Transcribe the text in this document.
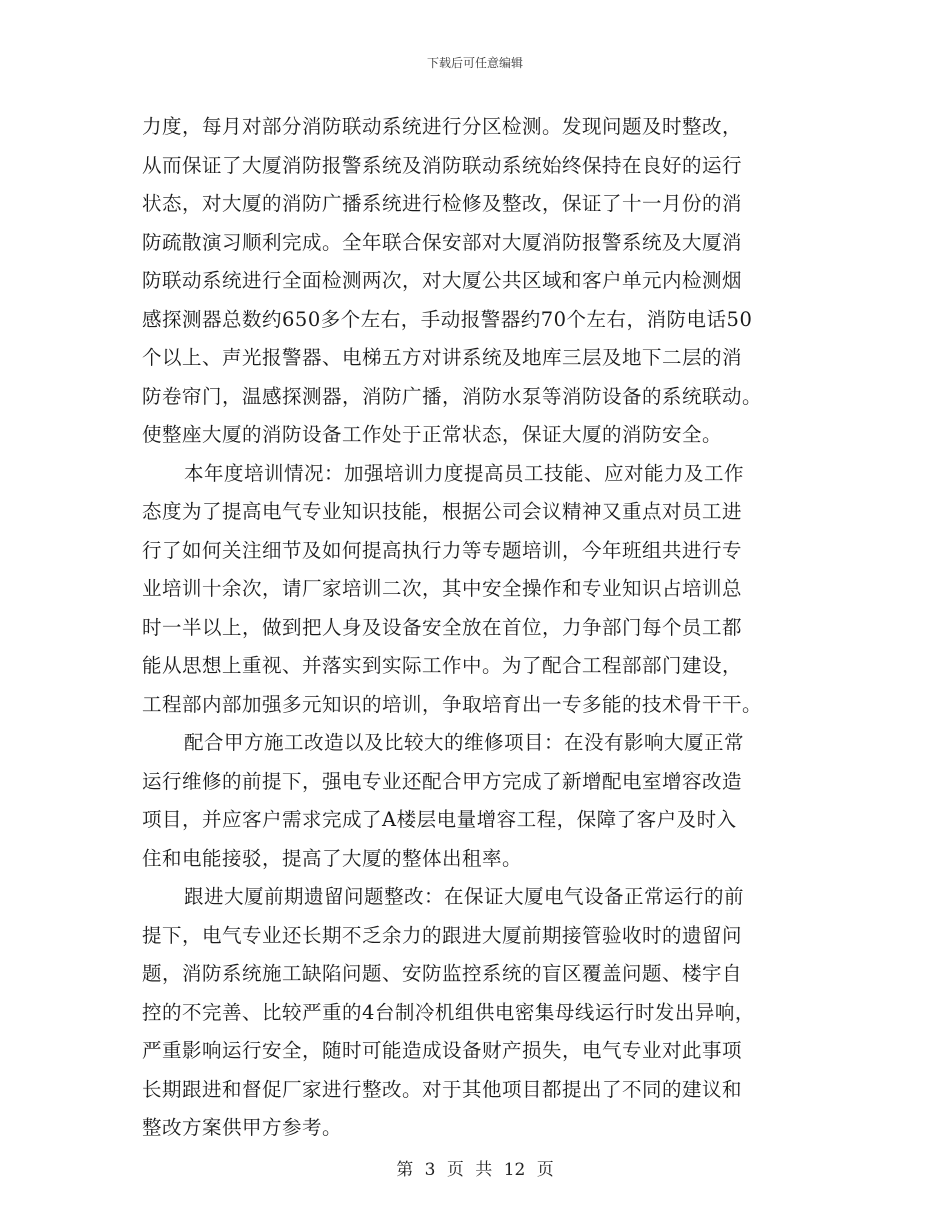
下载后可任意编辑
力度，每月对部分消防联动系统进行分区检测。发现问题及时整改，
从而保证了大厦消防报警系统及消防联动系统始终保持在良好的运行
状态，对大厦的消防广播系统进行检修及整改，保证了十一月份的消
防疏散演习顺利完成。全年联合保安部对大厦消防报警系统及大厦消
防联动系统进行全面检测两次，对大厦公共区域和客户单元内检测烟
感探测器总数约650多个左右，手动报警器约70个左右，消防电话50
个以上、声光报警器、电梯五方对讲系统及地库三层及地下二层的消
防卷帘门，温感探测器，消防广播，消防水泵等消防设备的系统联动。
使整座大厦的消防设备工作处于正常状态，保证大厦的消防安全。
本年度培训情况：加强培训力度提高员工技能、应对能力及工作
态度为了提高电气专业知识技能，根据公司会议精神又重点对员工进
行了如何关注细节及如何提高执行力等专题培训，今年班组共进行专
业培训十余次，请厂家培训二次，其中安全操作和专业知识占培训总
时一半以上，做到把人身及设备安全放在首位，力争部门每个员工都
能从思想上重视、并落实到实际工作中。为了配合工程部部门建设，
工程部内部加强多元知识的培训，争取培育出一专多能的技术骨干干。
配合甲方施工改造以及比较大的维修项目：在没有影响大厦正常
运行维修的前提下，强电专业还配合甲方完成了新增配电室增容改造
项目，并应客户需求完成了A楼层电量增容工程，保障了客户及时入
住和电能接驳，提高了大厦的整体出租率。
跟进大厦前期遗留问题整改：在保证大厦电气设备正常运行的前
提下，电气专业还长期不乏余力的跟进大厦前期接管验收时的遗留问
题，消防系统施工缺陷问题、安防监控系统的盲区覆盖问题、楼宇自
控的不完善、比较严重的4台制冷机组供电密集母线运行时发出异响，
严重影响运行安全，随时可能造成设备财产损失，电气专业对此事项
长期跟进和督促厂家进行整改。对于其他项目都提出了不同的建议和
整改方案供甲方参考。
第 3 页 共 12 页
